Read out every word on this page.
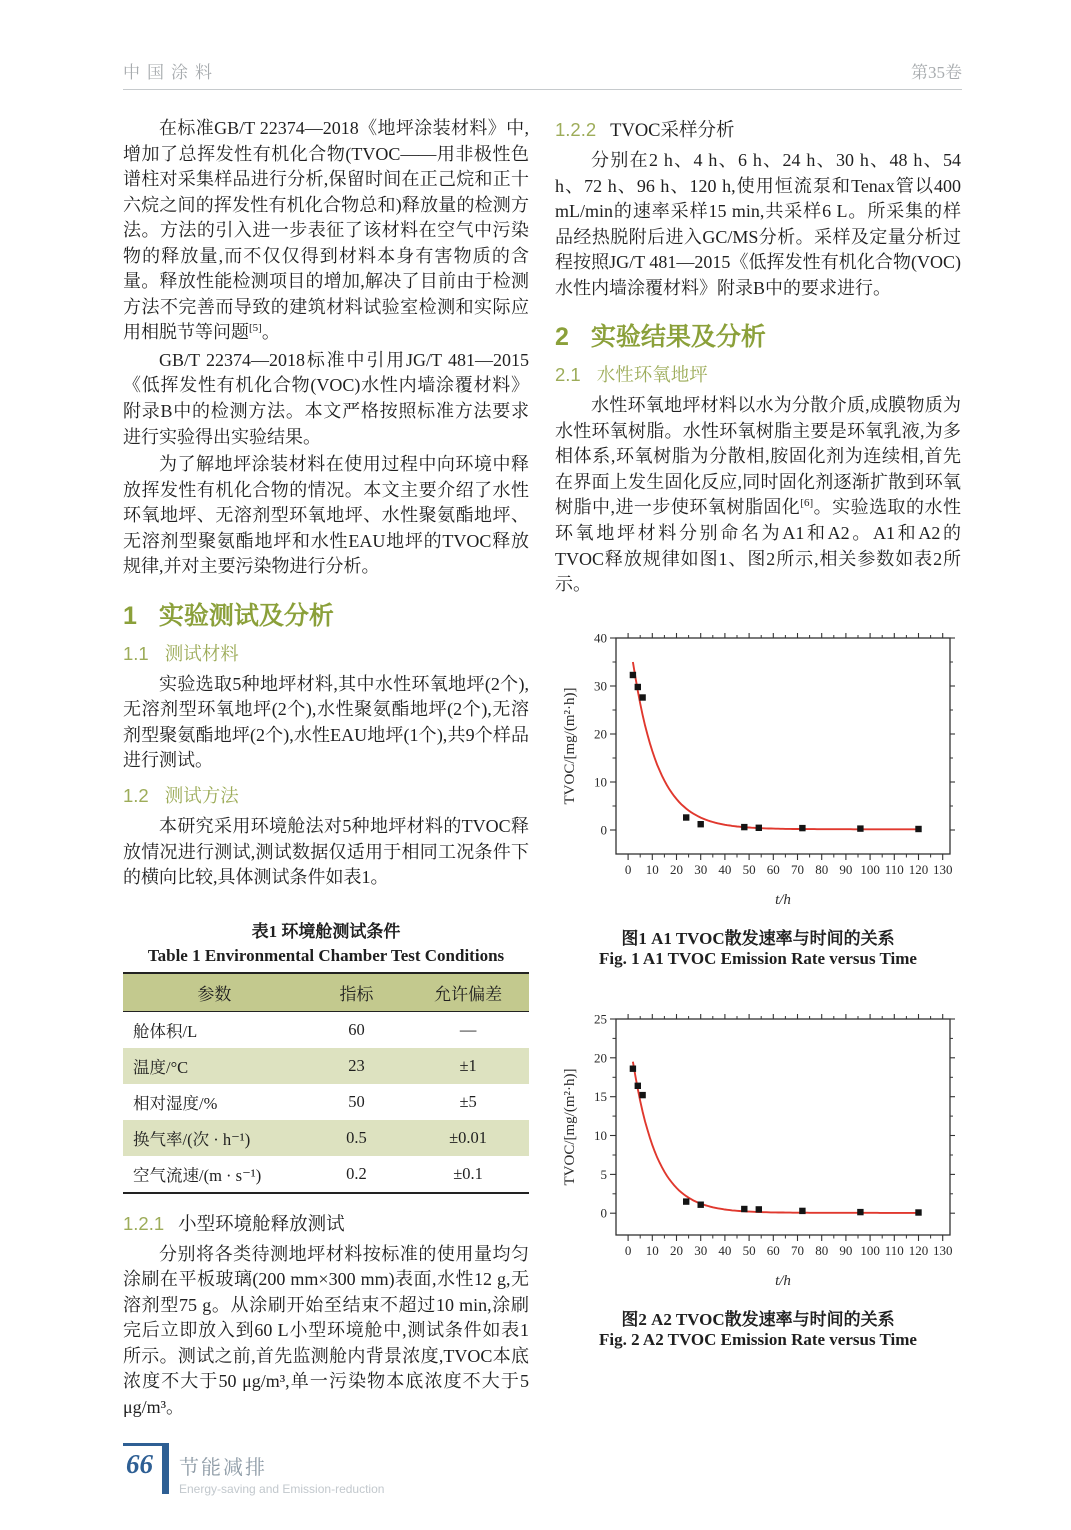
中国涂料	第35卷

在标准GB/T 22374—2018《地坪涂装材料》中,增加了总挥发性有机化合物(TVOC——用非极性色谱柱对采集样品进行分析,保留时间在正己烷和正十六烷之间的挥发性有机化合物总和)释放量的检测方法。方法的引入进一步表征了该材料在空气中污染物的释放量,而不仅仅得到材料本身有害物质的含量。释放性能检测项目的增加,解决了目前由于检测方法不完善而导致的建筑材料试验室检测和实际应用相脱节等问题[5]。

GB/T 22374—2018标准中引用JG/T 481—2015《低挥发性有机化合物(VOC)水性内墙涂覆材料》附录B中的检测方法。本文严格按照标准方法要求进行实验得出实验结果。

为了解地坪涂装材料在使用过程中向环境中释放挥发性有机化合物的情况。本文主要介绍了水性环氧地坪、无溶剂型环氧地坪、水性聚氨酯地坪、无溶剂型聚氨酯地坪和水性EAU地坪的TVOC释放规律,并对主要污染物进行分析。

1 实验测试及分析
1.1 测试材料

实验选取5种地坪材料,其中水性环氧地坪(2个),无溶剂型环氧地坪(2个),水性聚氨酯地坪(2个),无溶剂型聚氨酯地坪(2个),水性EAU地坪(1个),共9个样品进行测试。

1.2 测试方法

本研究采用环境舱法对5种地坪材料的TVOC释放情况进行测试,测试数据仅适用于相同工况条件下的横向比较,具体测试条件如表1。

表1 环境舱测试条件
Table 1 Environmental Chamber Test Conditions
参数	指标	允许偏差
舱体积/L	60	—
温度/°C	23	±1
相对湿度/%	50	±5
换气率/(次 · h⁻¹)	0.5	±0.01
空气流速/(m · s⁻¹)	0.2	±0.1
1.2.1 小型环境舱释放测试

分别将各类待测地坪材料按标准的使用量均匀涂刷在平板玻璃(200 mm×300 mm)表面,水性12 g,无溶剂型75 g。从涂刷开始至结束不超过10 min,涂刷完后立即放入到60 L小型环境舱中,测试条件如表1所示。测试之前,首先监测舱内背景浓度,TVOC本底浓度不大于50 μg/m³,单一污染物本底浓度不大于5 μg/m³。

1.2.2 TVOC采样分析

分别在2 h、4 h、6 h、24 h、30 h、48 h、54 h、72 h、96 h、120 h,使用恒流泵和Tenax管以400 mL/min的速率采样15 min,共采样6 L。所采集的样品经热脱附后进入GC/MS分析。采样及定量分析过程按照JG/T 481—2015《低挥发性有机化合物(VOC)水性内墙涂覆材料》附录B中的要求进行。

2 实验结果及分析
2.1 水性环氧地坪

水性环氧地坪材料以水为分散介质,成膜物质为水性环氧树脂。水性环氧树脂主要是环氧乳液,为多相体系,环氧树脂为分散相,胺固化剂为连续相,首先在界面上发生固化反应,同时固化剂逐渐扩散到环氧树脂中,进一步使环氧树脂固化[6]。实验选取的水性环氧地坪材料分别命名为A1和A2。A1和A2的TVOC释放规律如图1、图2所示,相关参数如表2所示。

0 10 20 30 40 50 60 70 80 90 100 110 120 130
0
10
20
30
40
t/h
TVOC/[mg/(m²·h)]
图1 A1 TVOC散发速率与时间的关系
Fig. 1 A1 TVOC Emission Rate versus Time
0 10 20 30 40 50 60 70 80 90 100 110 120 130
0
5
10
15
20
25
t/h
TVOC/[mg/(m²·h)]
图2 A2 TVOC散发速率与时间的关系
Fig. 2 A2 TVOC Emission Rate versus Time
66	节能减排
Energy-saving and Emission-reduction
